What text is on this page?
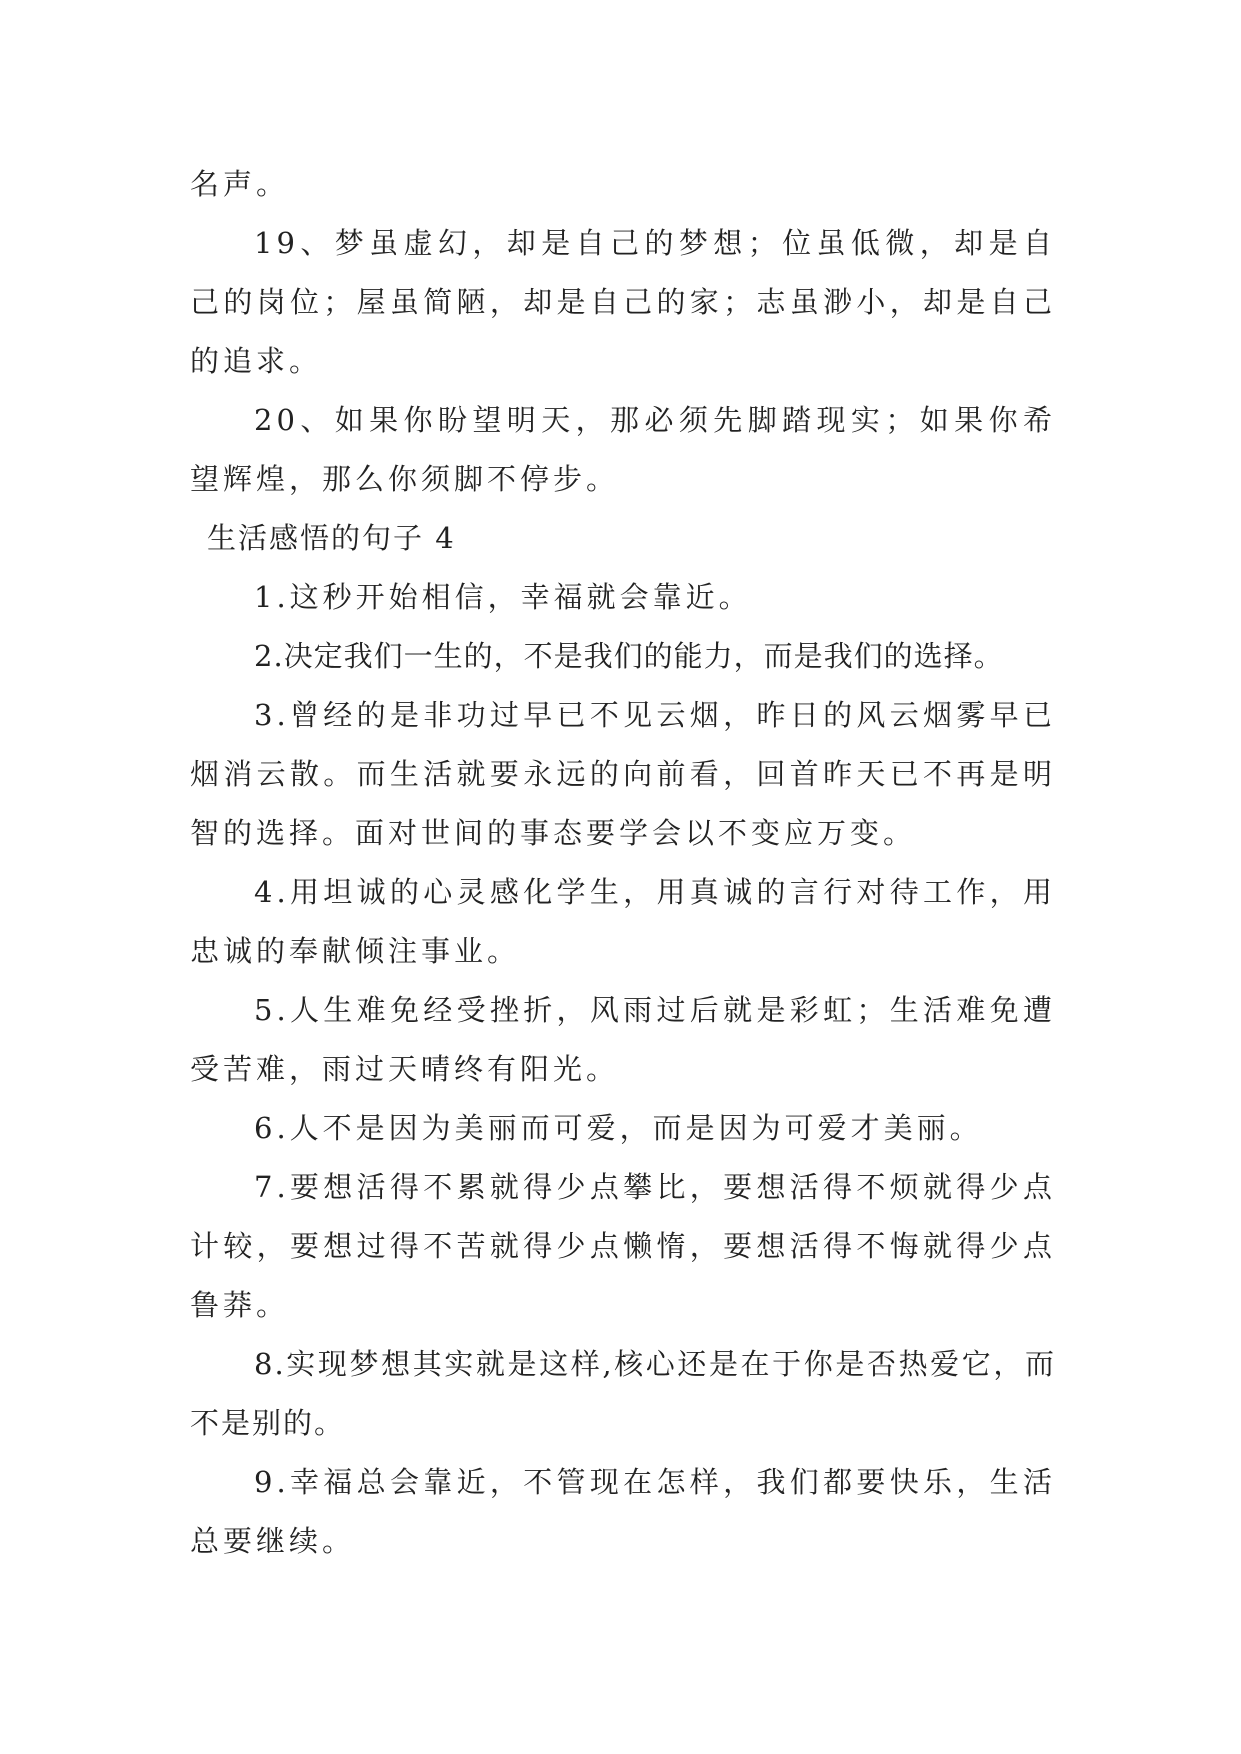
名声。

19、梦虽虚幻，却是自己的梦想；位虽低微，却是自己的岗位；屋虽简陋，却是自己的家；志虽渺小，却是自己的追求。

20、如果你盼望明天，那必须先脚踏现实；如果你希望辉煌，那么你须脚不停步。

生活感悟的句子 4

1.这秒开始相信，幸福就会靠近。

2.决定我们一生的，不是我们的能力，而是我们的选择。

3.曾经的是非功过早已不见云烟，昨日的风云烟雾早已烟消云散。而生活就要永远的向前看，回首昨天已不再是明智的选择。面对世间的事态要学会以不变应万变。

4.用坦诚的心灵感化学生，用真诚的言行对待工作，用忠诚的奉献倾注事业。

5.人生难免经受挫折，风雨过后就是彩虹；生活难免遭受苦难，雨过天晴终有阳光。

6.人不是因为美丽而可爱，而是因为可爱才美丽。

7.要想活得不累就得少点攀比，要想活得不烦就得少点计较，要想过得不苦就得少点懒惰，要想活得不悔就得少点鲁莽。

8.实现梦想其实就是这样,核心还是在于你是否热爱它，而不是别的。

9.幸福总会靠近，不管现在怎样，我们都要快乐，生活总要继续。
